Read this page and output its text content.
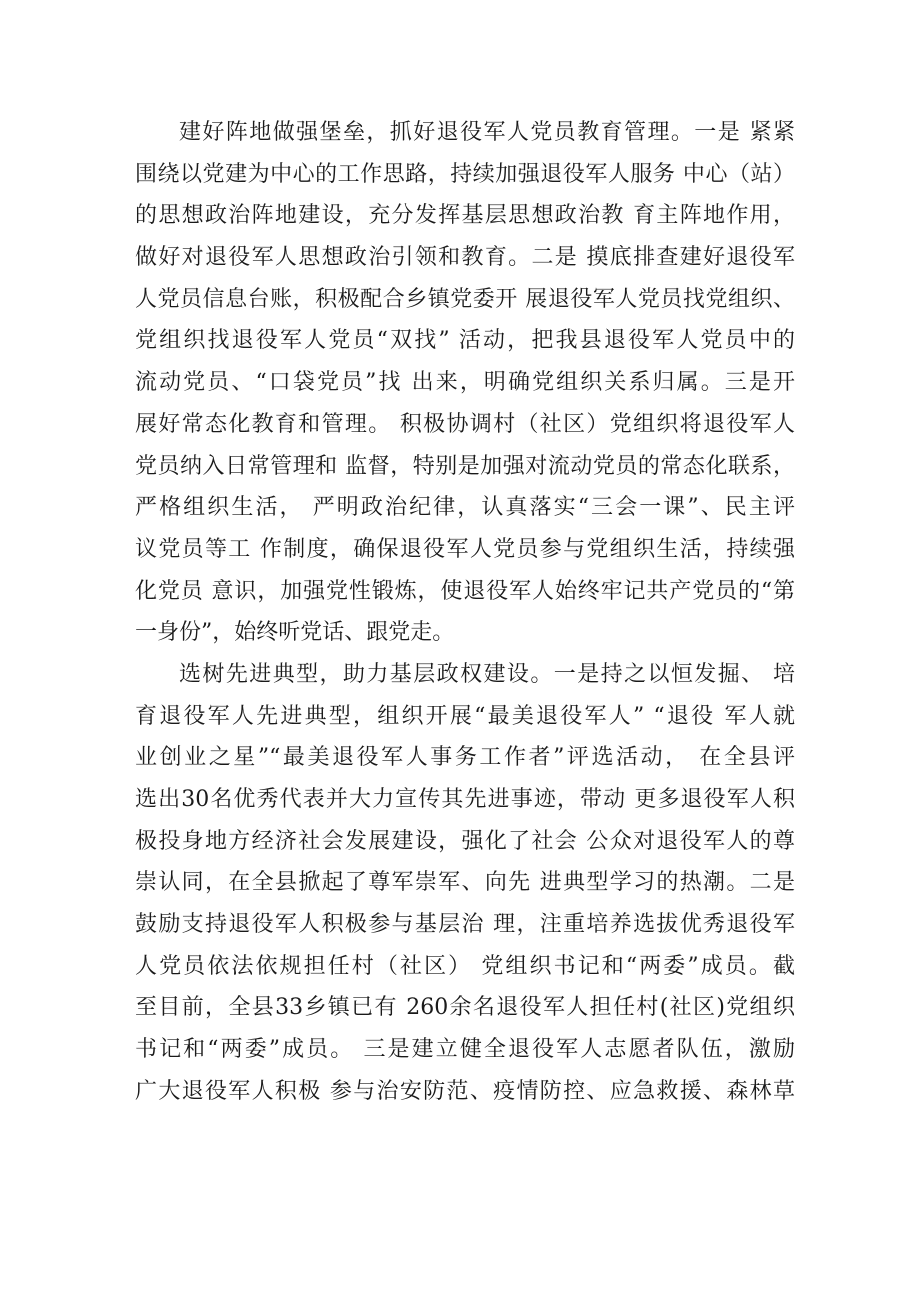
建好阵地做强堡垒，抓好退役军人党员教育管理。一是 紧紧
围绕以党建为中心的工作思路，持续加强退役军人服务 中心（站）
的思想政治阵地建设，充分发挥基层思想政治教 育主阵地作用，
做好对退役军人思想政治引领和教育。二是 摸底排查建好退役军
人党员信息台账，积极配合乡镇党委开 展退役军人党员找党组织、
党组织找退役军人党员“双找” 活动，把我县退役军人党员中的
流动党员、“口袋党员”找 出来，明确党组织关系归属。三是开
展好常态化教育和管理。 积极协调村（社区）党组织将退役军人
党员纳入日常管理和 监督，特别是加强对流动党员的常态化联系，
严格组织生活， 严明政治纪律，认真落实“三会一课”、民主评
议党员等工 作制度，确保退役军人党员参与党组织生活，持续强
化党员 意识，加强党性锻炼，使退役军人始终牢记共产党员的“第
一身份”，始终听党话、跟党走。
选树先进典型，助力基层政权建设。一是持之以恒发掘、 培
育退役军人先进典型，组织开展“最美退役军人” “退役 军人就
业创业之星”“最美退役军人事务工作者”评选活动， 在全县评
选出30名优秀代表并大力宣传其先进事迹，带动 更多退役军人积
极投身地方经济社会发展建设，强化了社会 公众对退役军人的尊
崇认同，在全县掀起了尊军崇军、向先 进典型学习的热潮。二是
鼓励支持退役军人积极参与基层治 理，注重培养选拔优秀退役军
人党员依法依规担任村（社区） 党组织书记和“两委”成员。截
至目前，全县33乡镇已有 260余名退役军人担任村(社区)党组织
书记和“两委”成员。 三是建立健全退役军人志愿者队伍，激励
广大退役军人积极 参与治安防范、疫情防控、应急救援、森林草
